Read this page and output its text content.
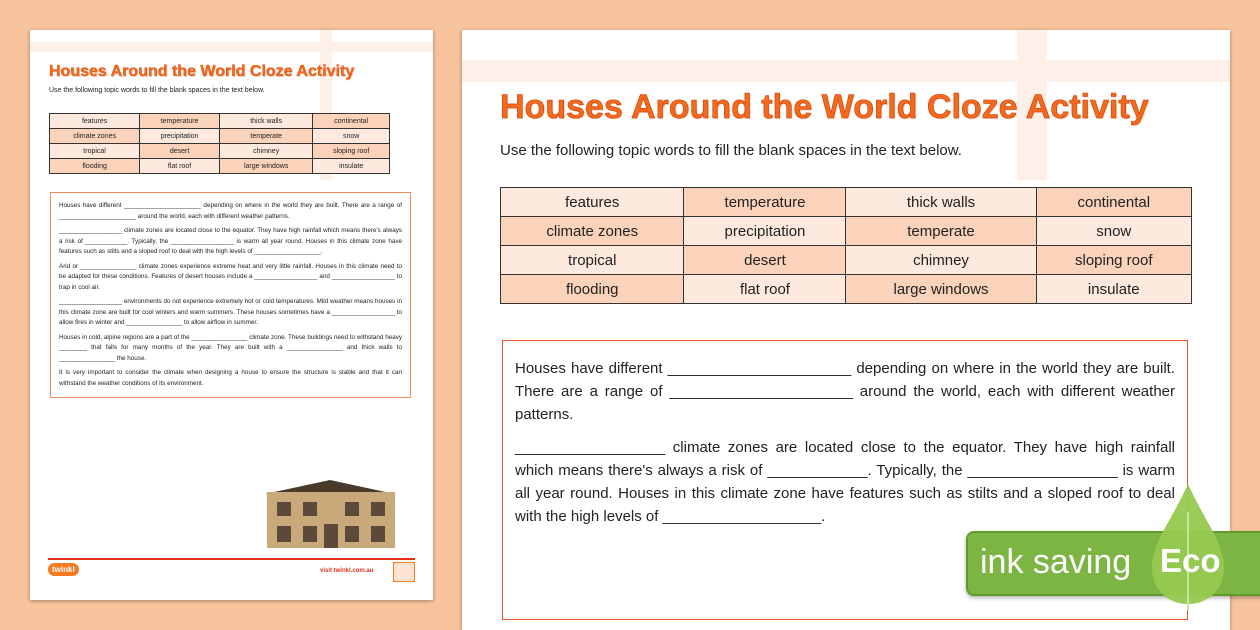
Houses Around the World Cloze Activity
Use the following topic words to fill the blank spaces in the text below.
features	temperature	thick walls	continental
climate zones	precipitation	temperate	snow
tropical	desert	chimney	sloping roof
flooding	flat roof	large windows	insulate

Houses have different ______________________ depending on where in the world they are built. There are a range of ______________________ around the world, each with different weather patterns.

__________________ climate zones are located close to the equator. They have high rainfall which means there's always a risk of ____________. Typically, the __________________ is warm all year round. Houses in this climate zone have features such as stilts and a sloped roof to deal with the high levels of ___________________.

Arid or ________________ climate zones experience extreme heat and very little rainfall. Houses in this climate need to be adapted for these conditions. Features of desert houses include a __________________ and __________________ to trap in cool air.

__________________ environments do not experience extremely hot or cold temperatures. Mild weather means houses in this climate zone are built for cool winters and warm summers. These houses sometimes have a __________________ to allow fires in winter and ________________ to allow airflow in summer.

Houses in cold, alpine regions are a part of the ________________ climate zone. These buildings need to withstand heavy ________ that falls for many months of the year. They are built with a ________________ and thick walls to ________________ the house.

It is very important to consider the climate when designing a house to ensure the structure is stable and that it can withstand the weather conditions of its environment.

twinkl	visit twinkl.com.au
Houses Around the World Cloze Activity
Use the following topic words to fill the blank spaces in the text below.
features	temperature	thick walls	continental
climate zones	precipitation	temperate	snow
tropical	desert	chimney	sloping roof
flooding	flat roof	large windows	insulate

Houses have different ______________________ depending on where in the world they are built. There are a range of ______________________ around the world, each with different weather patterns.

__________________ climate zones are located close to the equator. They have high rainfall which means there's always a risk of ____________. Typically, the __________________ is warm all year round. Houses in this climate zone have features such as stilts and a sloped roof to deal with the high levels of ___________________.

ink saving Eco
